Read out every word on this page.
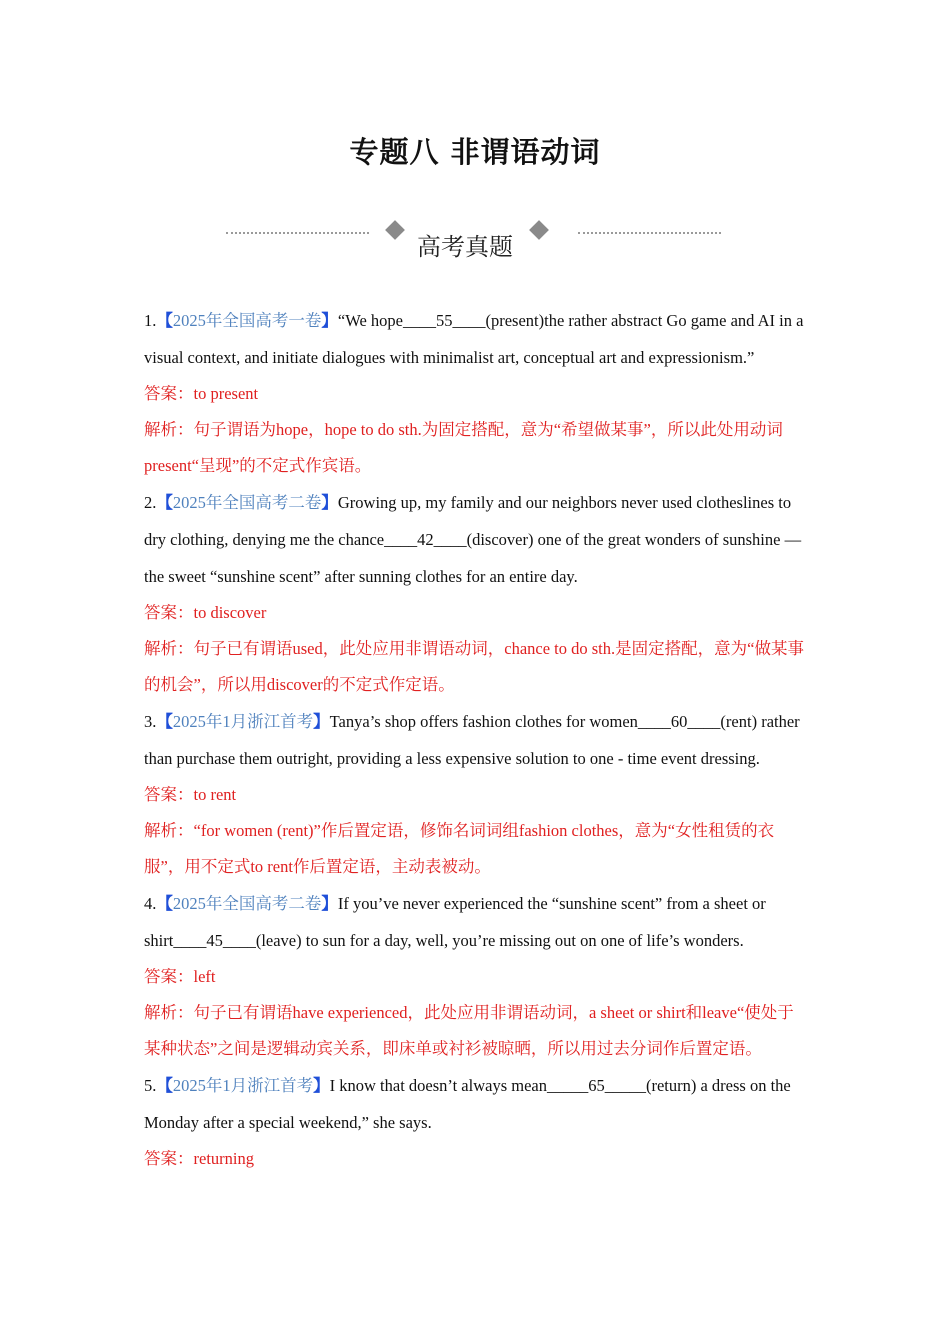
专题八 非谓语动词
高考真题

1.【2025年全国高考一卷】“We hope____55____(present)the rather abstract Go game and AI in a visual context, and initiate dialogues with minimalist art, conceptual art and expressionism.”

答案：to present

解析：句子谓语为hope，hope to do sth.为固定搭配，意为“希望做某事”，所以此处用动词present“呈现”的不定式作宾语。

2.【2025年全国高考二卷】Growing up, my family and our neighbors never used clotheslines to dry clothing, denying me the chance____42____(discover) one of the great wonders of sunshine — the sweet “sunshine scent” after sunning clothes for an entire day.

答案：to discover

解析：句子已有谓语used，此处应用非谓语动词，chance to do sth.是固定搭配，意为“做某事的机会”，所以用discover的不定式作定语。

3.【2025年1月浙江首考】Tanya’s shop offers fashion clothes for women____60____(rent) rather than purchase them outright, providing a less expensive solution to one - time event dressing.

答案：to rent

解析：“for women (rent)”作后置定语，修饰名词词组fashion clothes，意为“女性租赁的衣服”，用不定式to rent作后置定语，主动表被动。

4.【2025年全国高考二卷】If you’ve never experienced the “sunshine scent” from a sheet or shirt____45____(leave) to sun for a day, well, you’re missing out on one of life’s wonders.

答案：left

解析：句子已有谓语have experienced，此处应用非谓语动词，a sheet or shirt和leave“使处于某种状态”之间是逻辑动宾关系，即床单或衬衫被晾晒，所以用过去分词作后置定语。

5.【2025年1月浙江首考】I know that doesn’t always mean_____65_____(return) a dress on the Monday after a special weekend,” she says.

答案：returning
